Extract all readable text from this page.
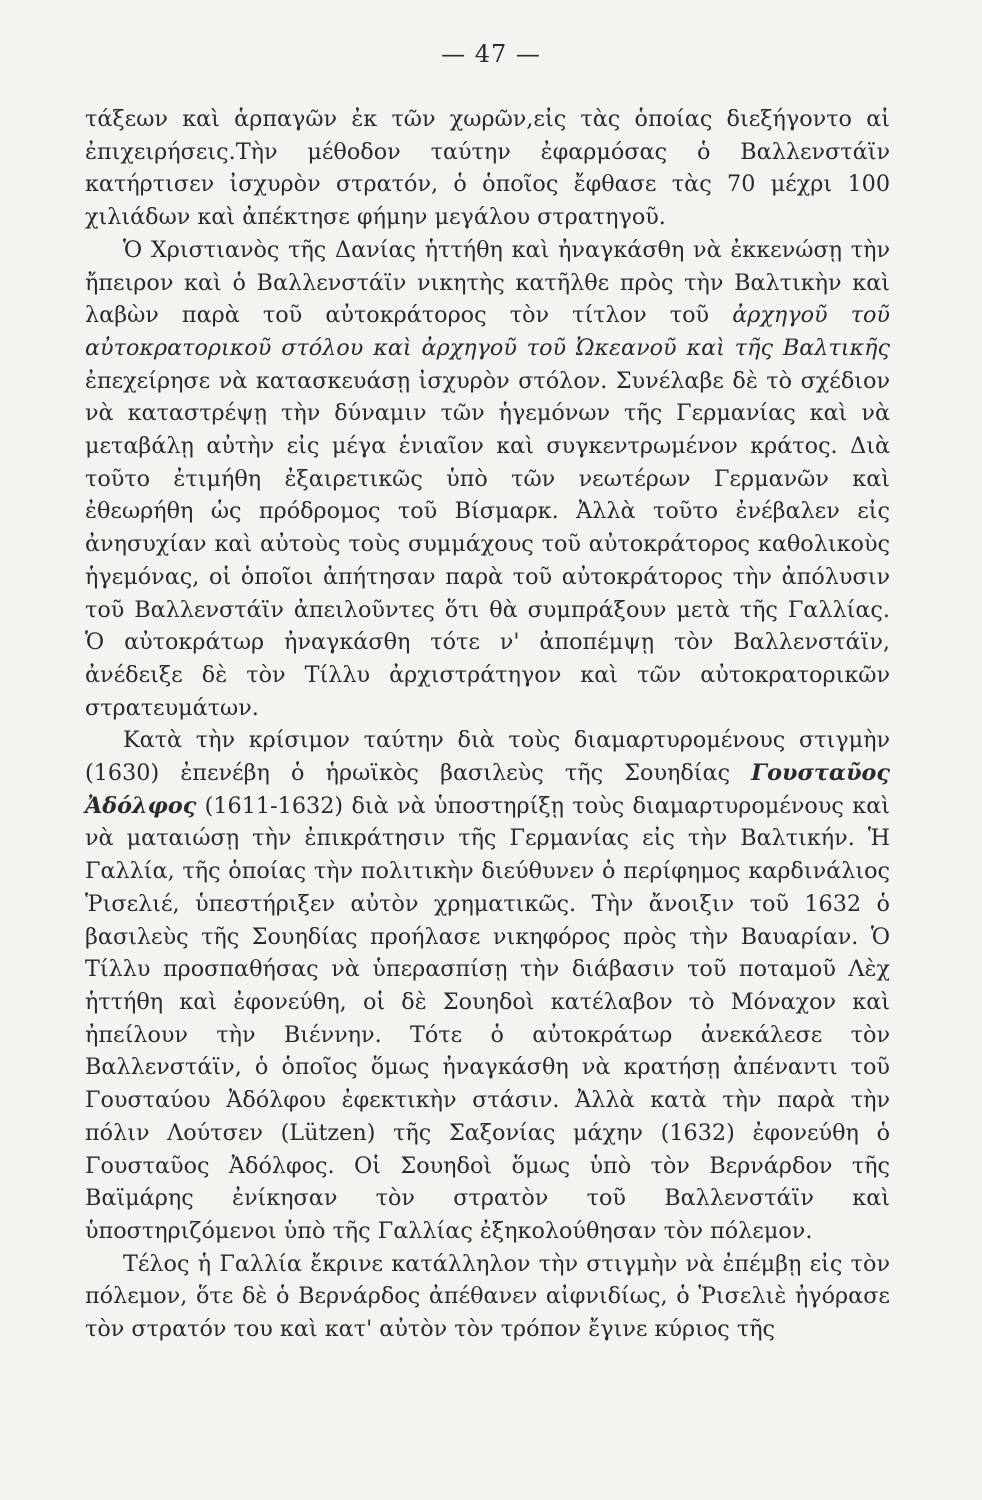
— 47 —

τάξεων καὶ ἁρπαγῶν ἐκ τῶν χωρῶν,εἰς τὰς ὁποίας διεξήγοντο αἱ ἐπιχειρήσεις.Τὴν μέθοδον ταύτην ἐφαρμόσας ὁ Βαλλενστάϊν κατήρτισεν ἰσχυρὸν στρατόν, ὁ ὁποῖος ἔφθασε τὰς 70 μέχρι 100 χιλιάδων καὶ ἀπέκτησε φήμην μεγάλου στρατηγοῦ.

Ὁ Χριστιανὸς τῆς Δανίας ἡττήθη καὶ ἠναγκάσθη νὰ ἐκκενώσῃ τὴν ἤπειρον καὶ ὁ Βαλλενστάϊν νικητὴς κατῆλθε πρὸς τὴν Βαλτικὴν καὶ λαβὼν παρὰ τοῦ αὐτοκράτορος τὸν τίτλον τοῦ ἀρχηγοῦ τοῦ αὐτοκρατορικοῦ στόλου καὶ ἀρχηγοῦ τοῦ Ὠκεανοῦ καὶ τῆς Βαλτικῆς ἐπεχείρησε νὰ κατασκευάσῃ ἰσχυρὸν στόλον. Συνέλαβε δὲ τὸ σχέδιον νὰ καταστρέψῃ τὴν δύναμιν τῶν ἡγεμόνων τῆς Γερμανίας καὶ νὰ μεταβάλῃ αὐτὴν εἰς μέγα ἑνιαῖον καὶ συγκεντρωμένον κράτος. Διὰ τοῦτο ἐτιμήθη ἐξαιρετικῶς ὑπὸ τῶν νεωτέρων Γερμανῶν καὶ ἐθεωρήθη ὡς πρόδρομος τοῦ Βίσμαρκ. Ἀλλὰ τοῦτο ἐνέβαλεν εἰς ἀνησυχίαν καὶ αὐτοὺς τοὺς συμμάχους τοῦ αὐτοκράτορος καθολικοὺς ἡγεμόνας, οἱ ὁποῖοι ἀπήτησαν παρὰ τοῦ αὐτοκράτορος τὴν ἀπόλυσιν τοῦ Βαλλενστάϊν ἀπειλοῦντες ὅτι θὰ συμπράξουν μετὰ τῆς Γαλλίας. Ὁ αὐτοκράτωρ ἠναγκάσθη τότε ν' ἀποπέμψῃ τὸν Βαλλενστάϊν, ἀνέδειξε δὲ τὸν Τίλλυ ἀρχιστράτηγον καὶ τῶν αὐτοκρατορικῶν στρατευμάτων.

Κατὰ τὴν κρίσιμον ταύτην διὰ τοὺς διαμαρτυρομένους στιγμὴν (1630) ἐπενέβη ὁ ἡρωϊκὸς βασιλεὺς τῆς Σουηδίας Γουσταῦος Ἀδόλφος (1611-1632) διὰ νὰ ὑποστηρίξῃ τοὺς διαμαρτυρομένους καὶ νὰ ματαιώσῃ τὴν ἐπικράτησιν τῆς Γερμανίας εἰς τὴν Βαλτικήν. Ἡ Γαλλία, τῆς ὁποίας τὴν πολιτικὴν διεύθυνεν ὁ περίφημος καρδινάλιος Ῥισελιέ, ὑπεστήριξεν αὐτὸν χρηματικῶς. Τὴν ἄνοιξιν τοῦ 1632 ὁ βασιλεὺς τῆς Σουηδίας προήλασε νικηφόρος πρὸς τὴν Βαυαρίαν. Ὁ Τίλλυ προσπαθήσας νὰ ὑπερασπίσῃ τὴν διάβασιν τοῦ ποταμοῦ Λὲχ ἡττήθη καὶ ἐφονεύθη, οἱ δὲ Σουηδοὶ κατέλαβον τὸ Μόναχον καὶ ἠπείλουν τὴν Βιέννην. Τότε ὁ αὐτοκράτωρ ἀνεκάλεσε τὸν Βαλλενστάϊν, ὁ ὁποῖος ὅμως ἠναγκάσθη νὰ κρατήσῃ ἀπέναντι τοῦ Γουσταύου Ἀδόλφου ἐφεκτικὴν στάσιν. Ἀλλὰ κατὰ τὴν παρὰ τὴν πόλιν Λούτσεν (Lützen) τῆς Σαξονίας μάχην (1632) ἐφονεύθη ὁ Γουσταῦος Ἀδόλφος. Οἱ Σουηδοὶ ὅμως ὑπὸ τὸν Βερνάρδον τῆς Βαϊμάρης ἐνίκησαν τὸν στρατὸν τοῦ Βαλλενστάϊν καὶ ὑποστηριζόμενοι ὑπὸ τῆς Γαλλίας ἐξηκολούθησαν τὸν πόλεμον.

Τέλος ἡ Γαλλία ἔκρινε κατάλληλον τὴν στιγμὴν νὰ ἐπέμβῃ εἰς τὸν πόλεμον, ὅτε δὲ ὁ Βερνάρδος ἀπέθανεν αἰφνιδίως, ὁ Ῥισελιὲ ἠγόρασε τὸν στρατόν του καὶ κατ' αὐτὸν τὸν τρόπον ἔγινε κύριος τῆς
